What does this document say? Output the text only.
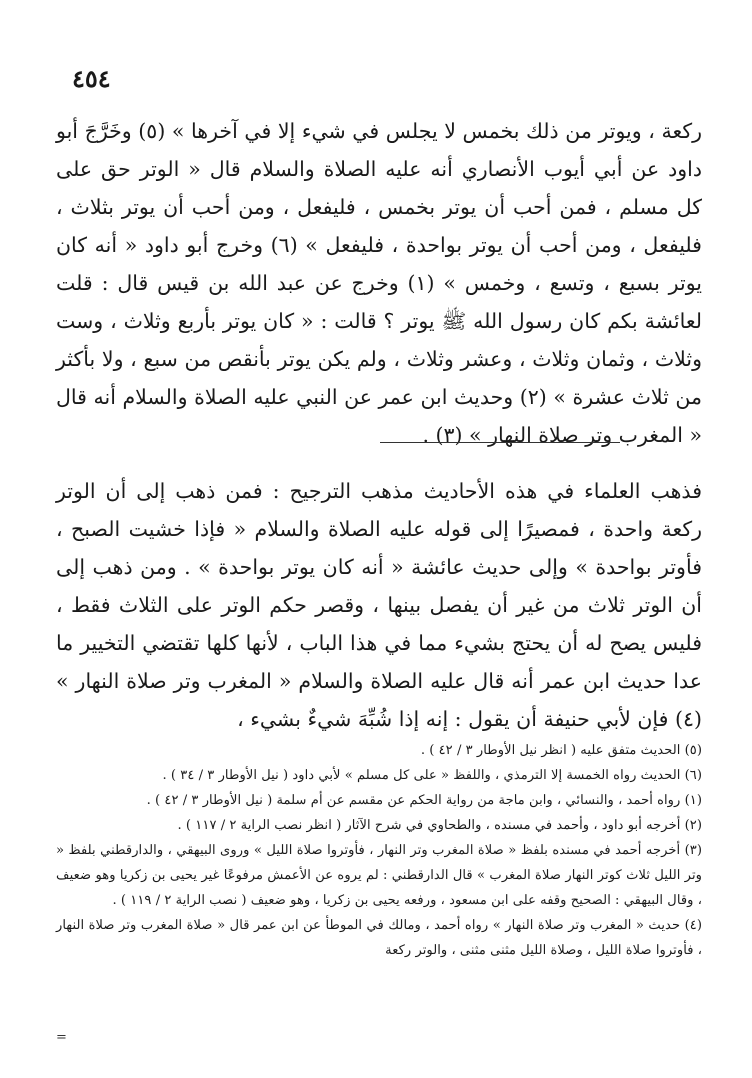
٤٥٤

ركعة ، ويوتر من ذلك بخمس لا يجلس في شيء إلا في آخرها » (٥) وخَرَّجَ أبو داود عن أبي أيوب الأنصاري أنه عليه الصلاة والسلام قال « الوتر حق على كل مسلم ، فمن أحب أن يوتر بخمس ، فليفعل ، ومن أحب أن يوتر بثلاث ، فليفعل ، ومن أحب أن يوتر بواحدة ، فليفعل » (٦) وخرج أبو داود « أنه كان يوتر بسبع ، وتسع ، وخمس » (١) وخرج عن عبد الله بن قيس قال : قلت لعائشة بكم كان رسول الله ﷺ يوتر ؟ قالت : « كان يوتر بأربع وثلاث ، وست وثلاث ، وثمان وثلاث ، وعشر وثلاث ، ولم يكن يوتر بأنقص من سبع ، ولا بأكثر من ثلاث عشرة » (٢) وحديث ابن عمر عن النبي عليه الصلاة والسلام أنه قال « المغرب وتر صلاة النهار » (٣) .

فذهب العلماء في هذه الأحاديث مذهب الترجيح : فمن ذهب إلى أن الوتر ركعة واحدة ، فمصيرًا إلى قوله عليه الصلاة والسلام « فإذا خشيت الصبح ، فأوتر بواحدة » وإلى حديث عائشة « أنه كان يوتر بواحدة » . ومن ذهب إلى أن الوتر ثلاث من غير أن يفصل بينها ، وقصر حكم الوتر على الثلاث فقط ، فليس يصح له أن يحتج بشيء مما في هذا الباب ، لأنها كلها تقتضي التخيير ما عدا حديث ابن عمر أنه قال عليه الصلاة والسلام « المغرب وتر صلاة النهار » (٤) فإن لأبي حنيفة أن يقول : إنه إذا شُبِّهَ شيءٌ بشيء ،

(٥) الحديث متفق عليه ( انظر نيل الأوطار ٣ / ٤٢ ) .

(٦) الحديث رواه الخمسة إلا الترمذي ، واللفظ « على كل مسلم » لأبي داود ( نيل الأوطار ٣ / ٣٤ ) .

(١) رواه أحمد ، والنسائي ، وابن ماجة من رواية الحكم عن مقسم عن أم سلمة ( نيل الأوطار ٣ / ٤٢ ) .

(٢) أخرجه أبو داود ، وأحمد في مسنده ، والطحاوي في شرح الآثار ( انظر نصب الراية ٢ / ١١٧ ) .

(٣) أخرجه أحمد في مسنده بلفظ « صلاة المغرب وتر النهار ، فأوتروا صلاة الليل » وروى البيهقي ، والدارقطني بلفظ « وتر الليل ثلاث كوتر النهار صلاة المغرب » قال الدارقطني : لم يروه عن الأعمش مرفوعًا غير يحيى بن زكريا وهو ضعيف ، وقال البيهقي : الصحيح وقفه على ابن مسعود ، ورفعه يحيى بن زكريا ، وهو ضعيف ( نصب الراية ٢ / ١١٩ ) .

(٤) حديث « المغرب وتر صلاة النهار » رواه أحمد ، ومالك في الموطأ عن ابن عمر قال « صلاة المغرب وتر صلاة النهار ، فأوتروا صلاة الليل ، وصلاة الليل مثنى مثنى ، والوتر ركعة

=
